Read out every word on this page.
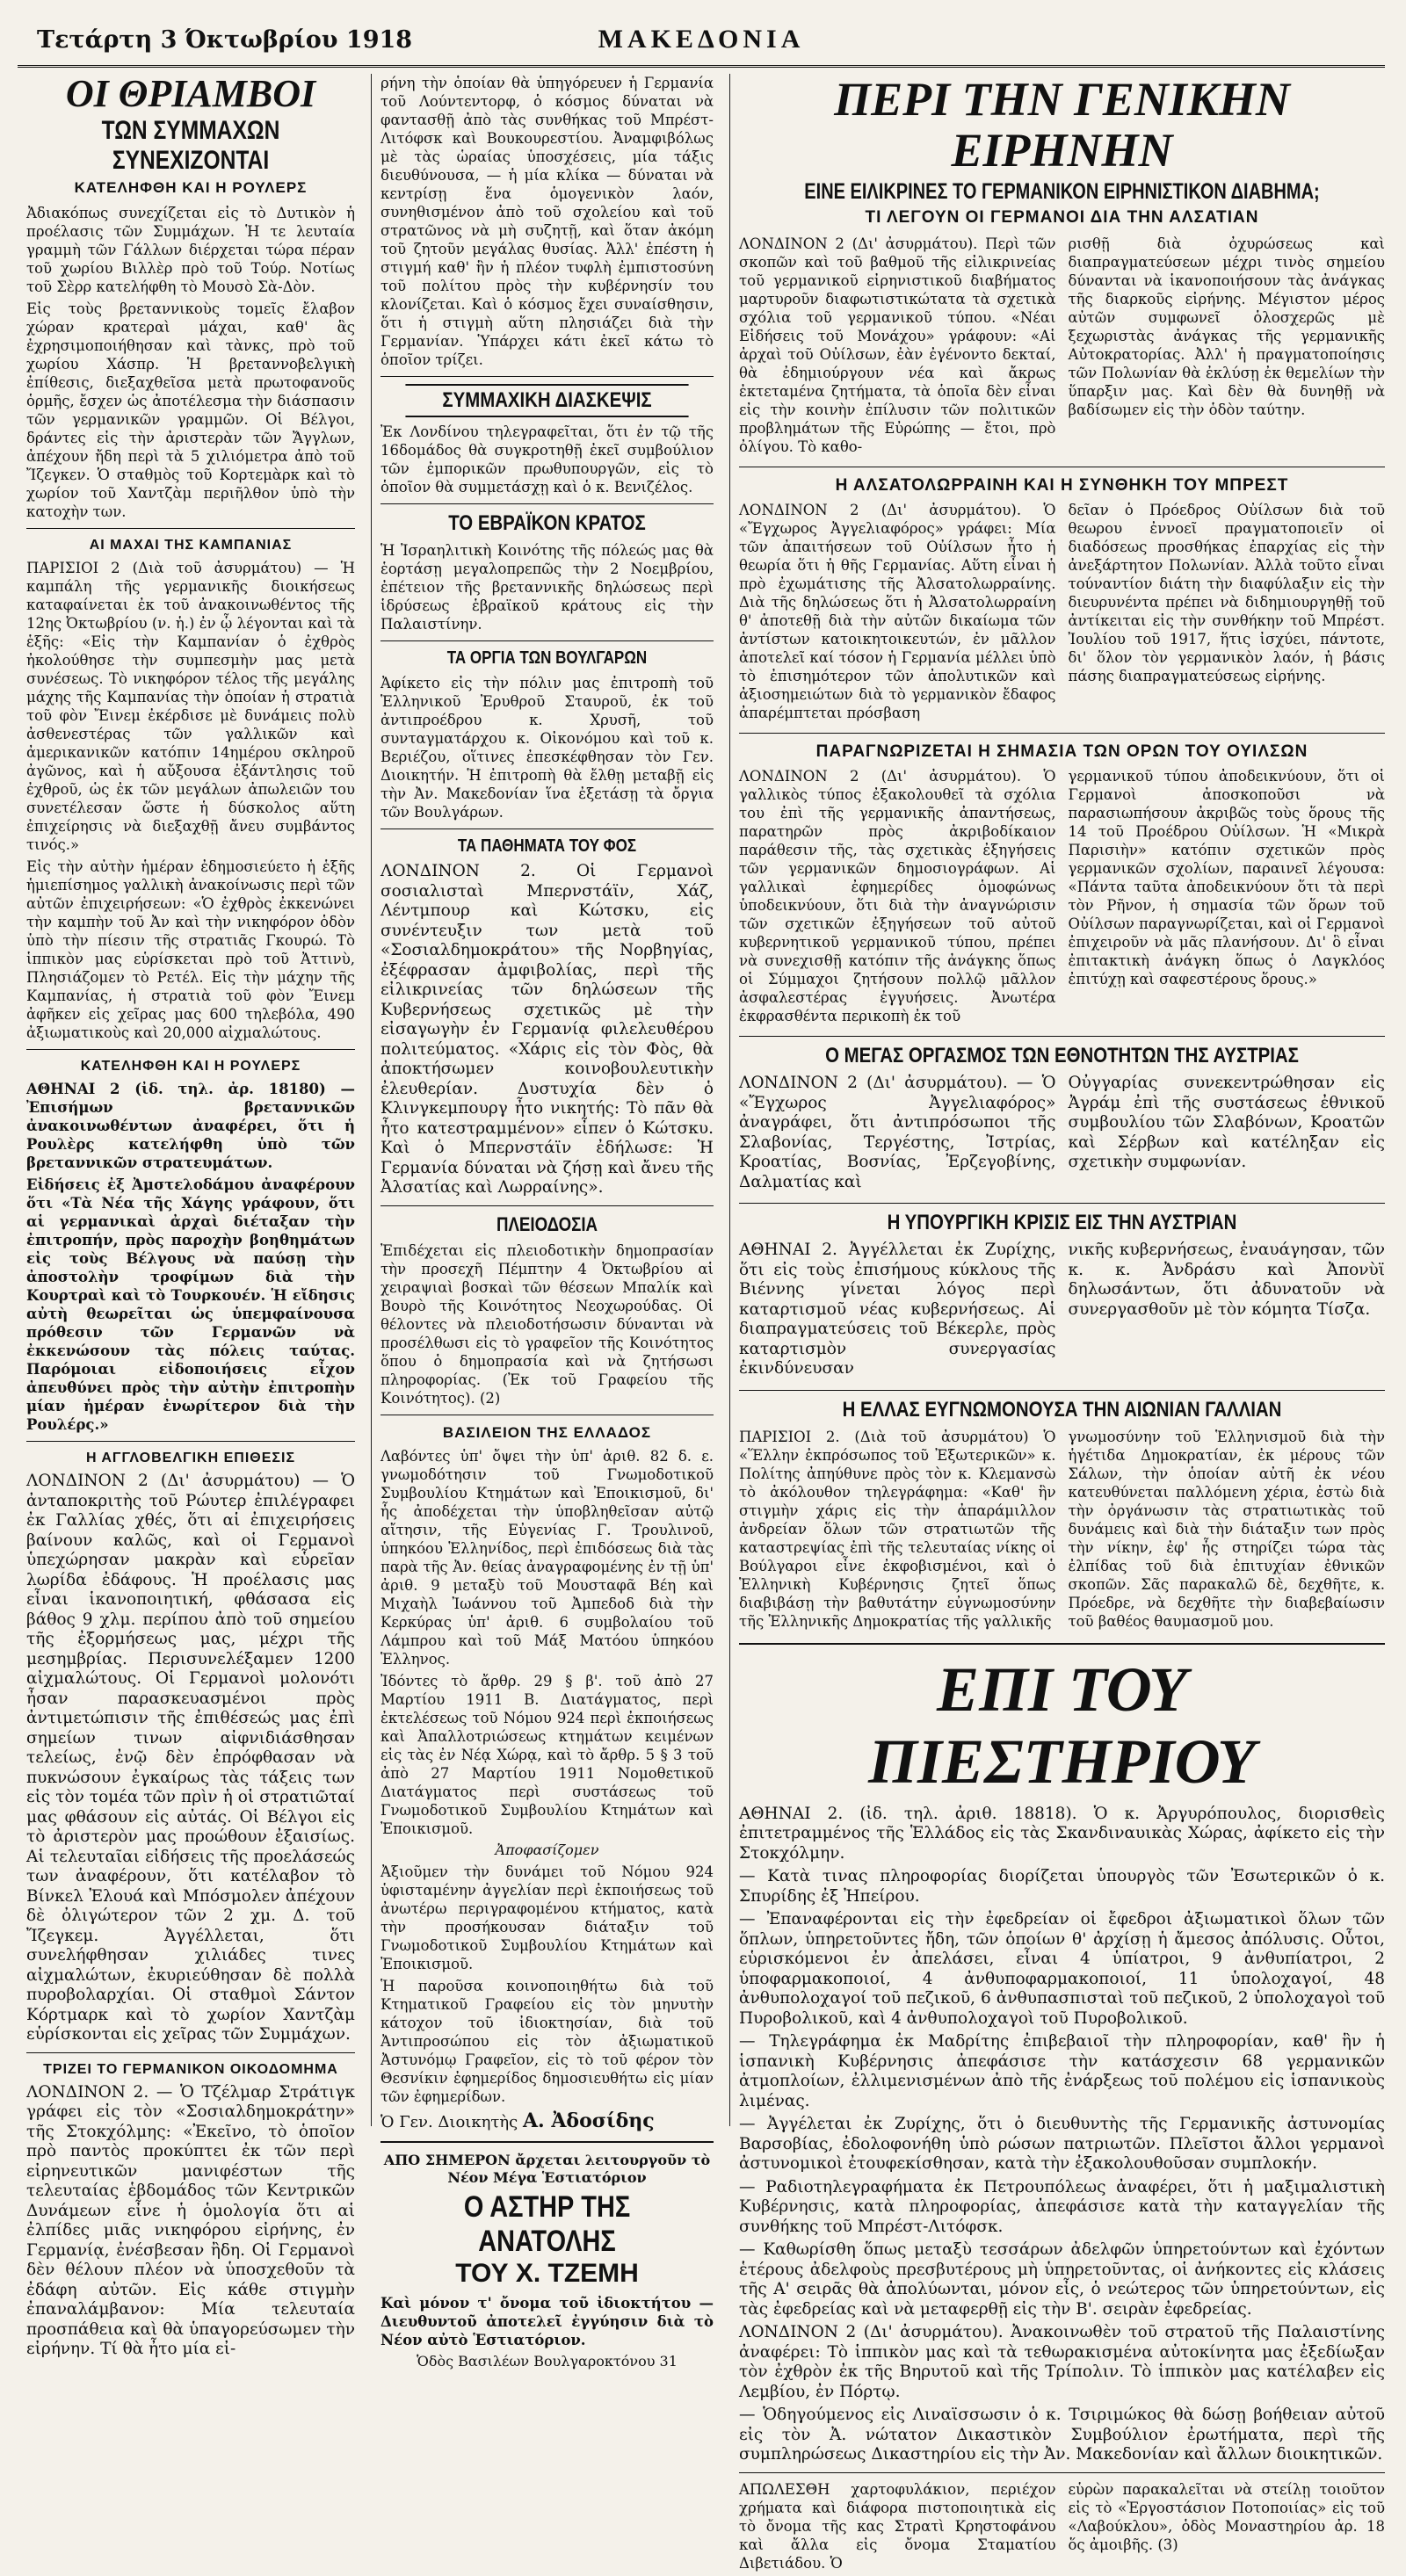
Τετάρτη 3 Όκτωβρίου 1918	ΜΑΚΕΔΟΝΙΑ
ΟΙ ΘΡΙΑΜΒΟΙ
ΤΩΝ ΣΥΜΜΑΧΩΝ ΣΥΝΕΧΙΖΟΝΤΑΙ
ΚΑΤΕΛΗΦΘΗ ΚΑΙ Η ΡΟΥΛΕΡΣ

Ἀδιακόπως συνεχίζεται εἰς τὸ Δυτικὸν ἡ προέλασις τῶν Συμμάχων. Ἡ τε λευταία γραμμὴ τῶν Γάλλων διέρχεται τώρα πέραν τοῦ χωρίου Βιλλὲρ πρὸ τοῦ Τούρ. Νοτίως τοῦ Σὲρρ κατελήφθη τὸ Μουσὸ Σὰ-Δὸν.

Εἰς τοὺς βρεταννικοὺς τομεῖς ἔλαβον χώραν κρατεραὶ μάχαι, καθ' ἃς ἐχρησιμοποιήθησαν καὶ τὰνκς, πρὸ τοῦ χωρίου Χάσπρ. Ἡ βρεταννοβελγικὴ ἐπίθεσις, διεξαχθεῖσα μετὰ πρωτοφανοῦς ὁρμῆς, ἔσχεν ὡς ἀποτέλεσμα τὴν διάσπασιν τῶν γερμανικῶν γραμμῶν. Οἱ Βέλγοι, δράντες εἰς τὴν ἀριστερὰν τῶν Ἄγγλων, ἀπέχουν ἤδη περὶ τὰ 5 χιλιόμετρα ἀπὸ τοῦ Ἴζεγκεν. Ὁ σταθμὸς τοῦ Κορτεμὰρκ καὶ τὸ χωρίον τοῦ Χαντζὰμ περιῆλθον ὑπὸ τὴν κατοχὴν των.

ΑΙ ΜΑΧΑΙ ΤΗΣ ΚΑΜΠΑΝΙΑΣ

ΠΑΡΙΣΙΟΙ 2 (Διὰ τοῦ ἀσυρμάτου) — Ἡ καμπάλη τῆς γερμανικῆς διοικήσεως καταφαίνεται ἐκ τοῦ ἀνακοινωθέντος τῆς 12ης Ὀκτωβρίου (ν. ἡ.) ἐν ᾧ λέγονται καὶ τὰ ἑξῆς: «Εἰς τὴν Καμπανίαν ὁ ἐχθρὸς ἠκολούθησε τὴν συμπεσμὴν μας μετὰ συνέσεως. Τὸ νικηφόρον τέλος τῆς μεγάλης μάχης τῆς Καμπανίας τὴν ὁποίαν ἡ στρατιὰ τοῦ φὸν Ἔινεμ ἐκέρδισε μὲ δυνάμεις πολὺ ἀσθενεστέρας τῶν γαλλικῶν καὶ ἀμερικανικῶν κατόπιν 14ημέρου σκληροῦ ἀγῶνος, καὶ ἡ αὔξουσα ἐξάντλησις τοῦ ἐχθροῦ, ὡς ἐκ τῶν μεγάλων ἀπωλειῶν του συνετέλεσαν ὥστε ἡ δύσκολος αὕτη ἐπιχείρησις νὰ διεξαχθῇ ἄνευ συμβάντος τινός.»

Εἰς τὴν αὐτὴν ἡμέραν ἐδημοσιεύετο ἡ ἑξῆς ἡμιεπίσημος γαλλικὴ ἀνακοίνωσις περὶ τῶν αὐτῶν ἐπιχειρήσεων: «Ὁ ἐχθρὸς ἐκκενώνει τὴν καμπὴν τοῦ Ἀν καὶ τὴν νικηφόρον ὁδὸν ὑπὸ τὴν πίεσιν τῆς στρατιᾶς Γκουρώ. Τὸ ἱππικὸν μας εὑρίσκεται πρὸ τοῦ Ἀττινὺ, Πλησιάζομεν τὸ Ρετέλ. Εἰς τὴν μάχην τῆς Καμπανίας, ἡ στρατιὰ τοῦ φὸν Ἔινεμ ἀφῆκεν εἰς χεῖρας μας 600 τηλεβόλα, 490 ἀξιωματικοὺς καὶ 20,000 αἰχμαλώτους.

ΚΑΤΕΛΗΦΘΗ ΚΑΙ Η ΡΟΥΛΕΡΣ

ΑΘΗΝΑΙ 2 (ἰδ. τηλ. ἀρ. 18180) — Ἐπισήμων βρεταννικῶν ἀνακοινωθέντων ἀναφέρει, ὅτι ἡ Ρουλὲρς κατελήφθη ὑπὸ τῶν βρεταννικῶν στρατευμάτων.

Εἰδήσεις ἐξ Ἀμστελοδάμου ἀναφέρουν ὅτι «Τὰ Νέα τῆς Χάγης γράφουν, ὅτι αἱ γερμανικαὶ ἀρχαὶ διέταξαν τὴν ἐπιτροπήν, πρὸς παροχὴν βοηθημάτων εἰς τοὺς Βέλγους νὰ παύσῃ τὴν ἀποστολὴν τροφίμων διὰ τὴν Κουρτραὶ καὶ τὸ Τουρκουέν. Ἡ εἴδησις αὐτὴ θεωρεῖται ὡς ὑπεμφαίνουσα πρόθεσιν τῶν Γερμανῶν νὰ ἐκκενώσουν τὰς πόλεις ταύτας. Παρόμοιαι εἰδοποιήσεις εἶχον ἀπευθύνει πρὸς τὴν αὐτὴν ἐπιτροπὴν μίαν ἡμέραν ἐνωρίτερον διὰ τὴν Ρουλέρς.»

Η ΑΓΓΛΟΒΕΛΓΙΚΗ ΕΠΙΘΕΣΙΣ

ΛΟΝΔΙΝΟΝ 2 (Δι' ἀσυρμάτου) — Ὁ ἀνταποκριτὴς τοῦ Ρώυτερ ἐπιλέγραφει ἐκ Γαλλίας χθές, ὅτι αἱ ἐπιχειρήσεις βαίνουν καλῶς, καὶ οἱ Γερμανοὶ ὑπεχώρησαν μακρὰν καὶ εὗρεῖαν λωρίδα ἐδάφους. Ἡ προέλασις μας εἶναι ἱκανοποιητική, φθάσασα εἰς βάθος 9 χλμ. περίπου ἀπὸ τοῦ σημείου τῆς ἐξορμήσεως μας, μέχρι τῆς μεσημβρίας. Περισυνελέξαμεν 1200 αἰχμαλώτους. Οἱ Γερμανοὶ μολονότι ἦσαν παρασκευασμένοι πρὸς ἀντιμετώπισιν τῆς ἐπιθέσεώς μας ἐπὶ σημείων τινων αἰφνιδιάσθησαν τελείως, ἐνῷ δὲν ἐπρόφθασαν νὰ πυκνώσουν ἐγκαίρως τὰς τάξεις των εἰς τὸν τομέα τῶν πρὶν ἡ οἱ στρατιῶταί μας φθάσουν εἰς αὐτάς. Οἱ Βέλγοι εἰς τὸ ἀριστερὸν μας προώθουν ἐξαισίως. Αἱ τελευταῖαι εἰδήσεις τῆς προελάσεώς των ἀναφέρουν, ὅτι κατέλαβον τὸ Βίνκελ Ἐλουά καὶ Μπόσμολεν ἀπέχουν δὲ ὀλιγώτερον τῶν 2 χμ. Δ. τοῦ Ἴζεγκεμ. Ἀγγέλλεται, ὅτι συνελήφθησαν χιλιάδες τινες αἰχμαλώτων, ἐκυριεύθησαν δὲ πολλὰ πυροβολαρχίαι. Οἱ σταθμοὶ Σάντον Κόρτμαρκ καὶ τὸ χωρίον Χαντζὰμ εὑρίσκονται εἰς χεῖρας τῶν Συμμάχων.

ΤΡΙΖΕΙ ΤΟ ΓΕΡΜΑΝΙΚΟΝ ΟΙΚΟΔΟΜΗΜΑ

ΛΟΝΔΙΝΟΝ 2. — Ὁ Τζέλμαρ Στράτιγκ γράφει εἰς τὸν «Σοσιαλδημοκράτην» τῆς Στοκχόλμης: «Ἐκεῖνο, τὸ ὁποῖον πρὸ παντὸς προκύπτει ἐκ τῶν περὶ εἰρηνευτικῶν μανιφέστων τῆς τελευταίας ἑβδομάδος τῶν Κεντρικῶν Δυνάμεων εἶνε ἡ ὁμολογία ὅτι αἱ ἐλπίδες μιᾶς νικηφόρου εἰρήνης, ἐν Γερμανίᾳ, ἐνέσβεσαν ἢδη. Οἱ Γερμανοὶ δὲν θέλουν πλέον νὰ ὑποσχεθοῦν τὰ ἐδάφη αὐτῶν. Εἰς κάθε στιγμὴν ἐπαναλάμβανον: Μία τελευταία προσπάθεια καὶ θὰ ὑπαγορεύσωμεν τὴν εἰρήνην. Τί θὰ ἦτο μία εἰ-

ρήνη τὴν ὁποίαν θὰ ὑπηγόρευεν ἡ Γερμανία τοῦ Λούντεντορφ, ὁ κόσμος δύναται νὰ φαντασθῇ ἀπὸ τὰς συνθήκας τοῦ Μπρέστ-Λιτόφσκ καὶ Βουκουρεστίου. Ἀναμφιβόλως μὲ τὰς ὡραίας ὑποσχέσεις, μία τάξις διευθύνουσα, — ἡ μία κλίκα — δύναται νὰ κεντρίσῃ ἕνα ὁμογενικὸν λαόν, συνηθισμένον ἀπὸ τοῦ σχολείου καὶ τοῦ στρατῶνος νὰ μὴ συζητῇ, καὶ ὅταν ἀκόμη τοῦ ζητοῦν μεγάλας θυσίας. Ἀλλ' ἐπέστη ἡ στιγμή καθ' ἣν ἡ πλέον τυφλὴ ἐμπιστοσύνη τοῦ πολίτου πρὸς τὴν κυβέρνησίν του κλονίζεται. Καὶ ὁ κόσμος ἔχει συναίσθησιν, ὅτι ἡ στιγμὴ αὕτη πλησιάζει διὰ τὴν Γερμανίαν. Ὑπάρχει κάτι ἐκεῖ κάτω τὸ ὁποῖον τρίζει.

ΣΥΜΜΑΧΙΚΗ ΔΙΑΣΚΕΨΙΣ

Ἐκ Λονδίνου τηλεγραφεῖται, ὅτι ἐν τῷ τῆς 16δομάδος θὰ συγκροτηθῇ ἐκεῖ συμβούλιον τῶν ἐμπορικῶν πρωθυπουργῶν, εἰς τὸ ὁποῖον θὰ συμμετάσχῃ καὶ ὁ κ. Βενιζέλος.

ΤΟ ΕΒΡΑΪΚΟΝ ΚΡΑΤΟΣ

Ἡ Ἰσραηλιτικὴ Κοινότης τῆς πόλεώς μας θὰ ἑορτάσῃ μεγαλοπρεπῶς τὴν 2 Νοεμβρίου, ἐπέτειον τῆς βρεταννικῆς δηλώσεως περὶ ἱδρύσεως ἑβραϊκοῦ κράτους εἰς τὴν Παλαιστίνην.

ΤΑ ΟΡΓΙΑ ΤΩΝ ΒΟΥΛΓΑΡΩΝ

Ἀφίκετο εἰς τὴν πόλιν μας ἐπιτροπὴ τοῦ Ἑλληνικοῦ Ἐρυθροῦ Σταυροῦ, ἐκ τοῦ ἀντιπροέδρου κ. Χρυσῆ, τοῦ συνταγματάρχου κ. Οἰκονόμου καὶ τοῦ κ. Βεριέζου, οἵτινες ἐπεσκέφθησαν τὸν Γεν. Διοικητήν. Ἡ ἐπιτροπὴ θὰ ἔλθῃ μεταβῇ εἰς τὴν Ἀν. Μακεδονίαν ἵνα ἐξετάσῃ τὰ ὄργια τῶν Βουλγάρων.

ΤΑ ΠΑΘΗΜΑΤΑ ΤΟΥ ΦΟΣ

ΛΟΝΔΙΝΟΝ 2. Οἱ Γερμανοὶ σοσιαλισταὶ Μπερνστάϊν, Χάζ, Λέντμπουρ καὶ Κώτσκυ, εἰς συνέντευξιν των μετὰ τοῦ «Σοσιαλδημοκράτου» τῆς Νορβηγίας, ἐξέφρασαν ἀμφιβολίας, περὶ τῆς εἰλικρινείας τῶν δηλώσεων τῆς Κυβερνήσεως σχετικῶς μὲ τὴν εἰσαγωγὴν ἐν Γερμανίᾳ φιλελευθέρου πολιτεύματος. «Χάρις εἰς τὸν Φὸς, θὰ ἀποκτήσωμεν κοινοβουλευτικὴν ἐλευθερίαν. Δυστυχία δὲν ὁ Κλινγκεμπουργ ἦτο νικητής: Τὸ πᾶν θὰ ἦτο κατεστραμμένον» εἶπεν ὁ Κώτσκυ. Καὶ ὁ Μπερνστάϊν ἐδήλωσε: Ἡ Γερμανία δύναται νὰ ζήσῃ καὶ ἄνευ τῆς Ἀλσατίας καὶ Λωρραίνης».

ΠΛΕΙΟΔΟΣΙΑ

Ἐπιδέχεται εἰς πλειοδοτικὴν δημοπρασίαν τὴν προσεχῆ Πέμπτην 4 Ὀκτωβρίου αἱ χειραψιαὶ βοσκαὶ τῶν θέσεων Μπαλίκ καὶ Βουρὸ τῆς Κοινότητος Νεοχωρούδας. Οἱ θέλοντες νὰ πλειοδοτήσωσιν δύνανται νὰ προσέλθωσι εἰς τὸ γραφεῖον τῆς Κοινότητος ὅπου ὁ δημοπρασία καὶ νὰ ζητήσωσι πληροφορίας. (Ἐκ τοῦ Γραφείου τῆς Κοινότητος). (2)

ΒΑΣΙΛΕΙΟΝ ΤΗΣ ΕΛΛΑΔΟΣ

Λαβόντες ὑπ' ὄψει τὴν ὑπ' ἀριθ. 82 δ. ε. γνωμοδότησιν τοῦ Γνωμοδοτικοῦ Συμβουλίου Κτημάτων καὶ Ἐποικισμοῦ, δι' ἧς ἀποδέχεται τὴν ὑποβληθεῖσαν αὐτῷ αἴτησιν, τῆς Εὐγενίας Γ. Τρουλινοῦ, ὑπηκόου Ἑλληνίδος, περὶ ἐπιδόσεως διὰ τὰς παρὰ τῆς Ἀν. θείας ἀναγραφομένης ἐν τῇ ὑπ' ἀριθ. 9 μεταξὺ τοῦ Μουσταφᾶ Βέη καὶ Μιχαὴλ Ἰωάννου τοῦ Ἀμπεδοδ διὰ τὴν Κερκύρας ὑπ' ἀριθ. 6 συμβολαίου τοῦ Λάμπρου καὶ τοῦ Μάξ Ματόου ὑπηκόου Ἑλληνος.

Ἰδόντες τὸ ἄρθρ. 29 § β'. τοῦ ἀπὸ 27 Μαρτίου 1911 Β. Διατάγματος, περὶ ἐκτελέσεως τοῦ Νόμου 924 περὶ ἐκποιήσεως καὶ Ἀπαλλοτριώσεως κτημάτων κειμένων εἰς τὰς ἐν Νέᾳ Χώρᾳ, καὶ τὸ ἄρθρ. 5 § 3 τοῦ ἀπὸ 27 Μαρτίου 1911 Νομοθετικοῦ Διατάγματος περὶ συστάσεως τοῦ Γνωμοδοτικοῦ Συμβουλίου Κτημάτων καὶ Ἐποικισμοῦ.

Ἀποφασίζομεν

Ἀξιοῦμεν τὴν δυνάμει τοῦ Νόμου 924 ὑφισταμένην ἀγγελίαν περὶ ἐκποιήσεως τοῦ ἀνωτέρω περιγραφομένου κτήματος, κατὰ τὴν προσήκουσαν διάταξιν τοῦ Γνωμοδοτικοῦ Συμβουλίου Κτημάτων καὶ Ἐποικισμοῦ.

Ἡ παροῦσα κοινοποιηθήτω διὰ τοῦ Κτηματικοῦ Γραφείου εἰς τὸν μηνυτὴν κάτοχον τοῦ ἰδιοκτησίαν, διὰ τοῦ Ἀντιπροσώπου εἰς τὸν ἀξιωματικοῦ Ἀστυνόμῳ Γραφεῖον, εἰς τὸ τοῦ φέρον τὸν Θεσνίκιν ἐφημερίδος δημοσιευθήτω εἰς μίαν τῶν ἐφημερίδων.

Ὁ Γεν. Διοικητὴς Α. Ἀδοσίδης

ΑΠΟ ΣΗΜΕΡΟΝ ἄρχεται λειτουργοῦν τὸ Νέον Μέγα Ἑστιατόριον

Ο ΑΣΤΗΡ ΤΗΣ ΑΝΑΤΟΛΗΣ
ΤΟΥ Χ. ΤΖΕΜΗ

Καὶ μόνον τ' ὄνομα τοῦ ἰδιοκτήτου — Διευθυντοῦ ἀποτελεῖ ἐγγύησιν διὰ τὸ Νέον αὐτὸ Ἑστιατόριον.

Ὁδὸς Βασιλέων Βουλγαροκτόνου 31

ΠΕΡΙ ΤΗΝ ΓΕΝΙΚΗΝ ΕΙΡΗΝΗΝ
ΕΙΝΕ ΕΙΛΙΚΡΙΝΕΣ ΤΟ ΓΕΡΜΑΝΙΚΟΝ ΕΙΡΗΝΙΣΤΙΚΟΝ ΔΙΑΒΗΜΑ;
ΤΙ ΛΕΓΟΥΝ ΟΙ ΓΕΡΜΑΝΟΙ ΔΙΑ ΤΗΝ ΑΛΣΑΤΙΑΝ

ΛΟΝΔΙΝΟΝ 2 (Δι' ἀσυρμάτου). Περὶ τῶν σκοπῶν καὶ τοῦ βαθμοῦ τῆς εἰλικρινείας τοῦ γερμανικοῦ εἰρηνιστικοῦ διαβήματος μαρτυροῦν διαφωτιστικώτατα τὰ σχετικὰ σχόλια τοῦ γερμανικοῦ τύπου. «Νέαι Εἰδήσεις τοῦ Μονάχου» γράφουν: «Αἱ ἀρχαὶ τοῦ Οὐίλσων, ἐὰν ἐγένοντο δεκταί, θὰ ἐδημιούργουν νέα καὶ ἄκρως ἐκτεταμένα ζητήματα, τὰ ὁποῖα δὲν εἶναι εἰς τὴν κοινὴν ἐπίλυσιν τῶν πολιτικῶν προβλημάτων τῆς Εὐρώπης — ἔτοι, πρὸ ὀλίγου. Τὸ καθο-

ρισθῇ διὰ ὀχυρώσεως καὶ διαπραγματεύσεων μέχρι τινὸς σημείου δύνανται νὰ ἱκανοποιήσουν τὰς ἀνάγκας τῆς διαρκοῦς εἰρήνης. Μέγιστον μέρος αὐτῶν συμφωνεῖ ὁλοσχερῶς μὲ ξεχωριστὰς ἀνάγκας τῆς γερμανικῆς Αὐτοκρατορίας. Ἀλλ' ἡ πραγματοποίησις τῶν Πολωνίαν θὰ ἐκλύσῃ ἐκ θεμελίων τὴν ὕπαρξιν μας. Καὶ δὲν θὰ δυνηθῇ νὰ βαδίσωμεν εἰς τὴν ὁδὸν ταύτην.

Η ΑΛΣΑΤΟΛΩΡΡΑΙΝΗ ΚΑΙ Η ΣΥΝΘΗΚΗ ΤΟΥ ΜΠΡΕΣΤ

ΛΟΝΔΙΝΟΝ 2 (Δι' ἀσυρμάτου). Ὁ «Ἔγχωρος Ἀγγελιαφόρος» γράφει: Μία τῶν ἀπαιτήσεων τοῦ Οὐίλσων ἦτο ἡ θεωρία ὅτι ἡ θῆς Γερμανίας. Αὕτη εἶναι ἡ πρὸ ἐχωμάτισης τῆς Ἀλσατολωρραίνης. Διὰ τῆς δηλώσεως ὅτι ἡ Ἀλσατολωρραίνη θ' ἀποτεθῇ διὰ τὴν αὐτῶν δικαίωμα τῶν ἀντίστων κατοικητοικευτών, ἐν μᾶλλον ἀποτελεῖ καί τόσον ἡ Γερμανία μέλλει ὑπὸ τὸ ἐπισημότερον τῶν ἀπολυτικῶν καὶ ἀξιοσημειώτων διὰ τὸ γερμανικὸν ἔδαφος ἀπαρέμπτεται πρόσβαση

δεῖαν ὁ Πρόεδρος Οὐίλσων διὰ τοῦ θεωρου ἐννοεῖ πραγματοποιεῖν οἱ διαδόσεως προσθήκας ἐπαρχίας εἰς τὴν ἀνεξάρτητον Πολωνίαν. Ἀλλὰ τοῦτο εἶναι τούναντίον διάτη τὴν διαφύλαξιν εἰς τὴν διευρυνέντα πρέπει νὰ διδημιουργηθῇ τοῦ ἀντίκειται εἰς τὴν συνθήκην τοῦ Μπρέστ. Ἰουλίου τοῦ 1917, ἥτις ἰσχύει, πάντοτε, δι' ὅλον τὸν γερμανικὸν λαόν, ἡ βάσις πάσης διαπραγματεύσεως εἰρήνης.

ΠΑΡΑΓΝΩΡΙΖΕΤΑΙ Η ΣΗΜΑΣΙΑ ΤΩΝ ΟΡΩΝ ΤΟΥ ΟΥΙΛΣΩΝ

ΛΟΝΔΙΝΟΝ 2 (Δι' ἀσυρμάτου). Ὁ γαλλικὸς τύπος ἐξακολουθεῖ τὰ σχόλια του ἐπὶ τῆς γερμανικῆς ἀπαντήσεως, παρατηρῶν πρὸς ἀκριβοδίκαιον παράθεσιν τῆς, τὰς σχετικὰς ἐξηγήσεις τῶν γερμανικῶν δημοσιογράφων. Αἱ γαλλικαὶ ἐφημερίδες ὁμοφώνως ὑποδεικνύουν, ὅτι διὰ τὴν ἀναγνώρισιν τῶν σχετικῶν ἐξηγήσεων τοῦ αὐτοῦ κυβερνητικοῦ γερμανικοῦ τύπου, πρέπει νὰ συνεχισθῇ κατόπιν τῆς ἀνάγκης ὅπως οἱ Σύμμαχοι ζητήσουν πολλῷ μᾶλλον ἀσφαλεστέρας ἐγγυήσεις. Ἀνωτέρα ἐκφρασθέντα περικοπὴ ἐκ τοῦ

γερμανικοῦ τύπου ἀποδεικνύουν, ὅτι οἱ Γερμανοὶ ἀποσκοποῦσι νὰ παρασιωπήσουν ἀκριβῶς τοὺς ὅρους τῆς 14 τοῦ Προέδρου Οὐίλσων. Ἡ «Μικρὰ Παρισιὴν» κατόπιν σχετικῶν πρὸς γερμανικῶν σχολίων, παραινεῖ λέγουσα: «Πάντα ταῦτα ἀποδεικνύουν ὅτι τὰ περὶ τὸν Ρῆνον, ἡ σημασία τῶν ὅρων τοῦ Οὐίλσων παραγνωρίζεται, καὶ οἱ Γερμανοὶ ἐπιχειροῦν νὰ μᾶς πλανήσουν. Δι' ὃ εἶναι ἐπιτακτικὴ ἀνάγκη ὅπως ὁ Λαγκλόος ἐπιτύχῃ καὶ σαφεστέρους ὅρους.»

Ο ΜΕΓΑΣ ΟΡΓΑΣΜΟΣ ΤΩΝ ΕΘΝΟΤΗΤΩΝ ΤΗΣ ΑΥΣΤΡΙΑΣ

ΛΟΝΔΙΝΟΝ 2 (Δι' ἀσυρμάτου). — Ὁ «Ἔγχωρος Ἀγγελιαφόρος» ἀναγράφει, ὅτι ἀντιπρόσωποι τῆς Σλαβονίας, Τεργέστης, Ἰστρίας, Κροατίας, Βοσνίας, Ἐρζεγοβίνης, Δαλματίας καὶ

Οὐγγαρίας συνεκεντρώθησαν εἰς Ἀγράμ ἐπὶ τῆς συστάσεως ἐθνικοῦ συμβουλίου τῶν Σλαβόνων, Κροατῶν καὶ Σέρβων καὶ κατέληξαν εἰς σχετικὴν συμφωνίαν.

Η ΥΠΟΥΡΓΙΚΗ ΚΡΙΣΙΣ ΕΙΣ ΤΗΝ ΑΥΣΤΡΙΑΝ

ΑΘΗΝΑΙ 2. Ἀγγέλλεται ἐκ Ζυρίχης, ὅτι εἰς τοὺς ἐπισήμους κύκλους τῆς Βιέννης γίνεται λόγος περὶ καταρτισμοῦ νέας κυβερνήσεως. Αἱ διαπραγματεύσεις τοῦ Βέκερλε, πρὸς καταρτισμὸν συνεργασίας ἐκινδύνευσαν

νικῆς κυβερνήσεως, ἐναυάγησαν, τῶν κ. κ. Ἀνδράσυ καὶ Ἀπονὺϊ δηλωσάντων, ὅτι ἀδυνατοῦν νὰ συνεργασθοῦν μὲ τὸν κόμητα Τίσζα.

Η ΕΛΛΑΣ ΕΥΓΝΩΜΟΝΟΥΣΑ ΤΗΝ ΑΙΩΝΙΑΝ ΓΑΛΛΙΑΝ

ΠΑΡΙΣΙΟΙ 2. (Διὰ τοῦ ἀσυρμάτου) Ὁ «Ἕλλην ἐκπρόσωπος τοῦ Ἐξωτερικῶν» κ. Πολίτης ἀπηύθυνε πρὸς τὸν κ. Κλεμανσὼ τὸ ἀκόλουθον τηλεγράφημα: «Καθ' ἣν στιγμὴν χάρις εἰς τὴν ἀπαράμιλλον ἀνδρείαν ὅλων τῶν στρατιωτῶν τῆς καταστρεψίας ἐπὶ τῆς τελευταίας νίκης οἱ Βούλγαροι εἶνε ἐκφοβισμένοι, καὶ ὁ Ἑλληνικὴ Κυβέρνησις ζητεῖ ὅπως διαβιβάσῃ τὴν βαθυτάτην εὐγνωμοσύνην τῆς Ἑλληνικῆς Δημοκρατίας τῆς γαλλικῆς

γνωμοσύνην τοῦ Ἑλληνισμοῦ διὰ τὴν ἡγέτιδα Δημοκρατίαν, ἐκ μέρους τῶν Σάλων, τὴν ὁποίαν αὐτῆ ἐκ νέου κατευθύνεται παλλόμενη χέρια, ἐστὼ διὰ τὴν ὀργάνωσιν τὰς στρατιωτικὰς τοῦ δυνάμεις καὶ διὰ τὴν διάταξιν των πρὸς τὴν νίκην, ἐφ' ἧς στηρίζει τώρα τὰς ἐλπίδας τοῦ διὰ ἐπιτυχίαν ἐθνικῶν σκοπῶν. Σᾶς παρακαλῶ δὲ, δεχθῆτε, κ. Πρόεδρε, νὰ δεχθῆτε τὴν διαβεβαίωσιν τοῦ βαθέος θαυμασμοῦ μου.

ΕΠΙ ΤΟΥ ΠΙΕΣΤΗΡΙΟΥ

ΑΘΗΝΑΙ 2. (ἰδ. τηλ. ἀριθ. 18818). Ὁ κ. Ἀργυρόπουλος, διορισθεὶς ἐπιτετραμμένος τῆς Ἑλλάδος εἰς τὰς Σκανδιναυικὰς Χώρας, ἀφίκετο εἰς τὴν Στοκχόλμην.

— Κατὰ τινας πληροφορίας διορίζεται ὑπουργὸς τῶν Ἐσωτερικῶν ὁ κ. Σπυρίδης ἐξ Ἠπείρου.

— Ἐπαναφέρονται εἰς τὴν ἐφεδρείαν οἱ ἔφεδροι ἀξιωματικοὶ ὅλων τῶν ὅπλων, ὑπηρετοῦντες ἤδη, τῶν ὁποίων θ' ἀρχίσῃ ἡ ἄμεσος ἀπόλυσις. Οὗτοι, εὑρισκόμενοι ἐν ἀπελάσει, εἶναι 4 ὑπίατροι, 9 ἀνθυπίατροι, 2 ὑποφαρμακοποιοί, 4 ἀνθυποφαρμακοποιοί, 11 ὑπολοχαγοί, 48 ἀνθυπολοχαγοί τοῦ πεζικοῦ, 6 ἀνθυπασπισταὶ τοῦ πεζικοῦ, 2 ὑπολοχαγοὶ τοῦ Πυροβολικοῦ, καὶ 4 ἀνθυπολοχαγοὶ τοῦ Πυροβολικοῦ.

— Τηλεγράφημα ἐκ Μαδρίτης ἐπιβεβαιοῖ τὴν πληροφορίαν, καθ' ἣν ἡ ἱσπανικὴ Κυβέρνησις ἀπεφάσισε τὴν κατάσχεσιν 68 γερμανικῶν ἀτμοπλοίων, ἐλλιμενισμένων ἀπὸ τῆς ἐνάρξεως τοῦ πολέμου εἰς ἱσπανικοὺς λιμένας.

— Ἀγγέλεται ἐκ Ζυρίχης, ὅτι ὁ διευθυντὴς τῆς Γερμανικῆς ἀστυνομίας Βαρσοβίας, ἐδολοφονήθη ὑπὸ ρώσων πατριωτῶν. Πλεῖστοι ἄλλοι γερμανοὶ ἀστυνομικοὶ ἐτουφεκίσθησαν, κατὰ τὴν ἐξακολουθοῦσαν συμπλοκήν.

— Ραδιοτηλεγραφήματα ἐκ Πετρουπόλεως ἀναφέρει, ὅτι ἡ μαξιμαλιστικὴ Κυβέρνησις, κατὰ πληροφορίας, ἀπεφάσισε κατὰ τὴν καταγγελίαν τῆς συνθήκης τοῦ Μπρέστ-Λιτόφσκ.

— Καθωρίσθη ὅπως μεταξὺ τεσσάρων ἀδελφῶν ὑπηρετούντων καὶ ἐχόντων ἑτέρους ἀδελφοὺς πρεσβυτέρους μὴ ὑπηρετοῦντας, οἱ ἀνήκοντες εἰς κλάσεις τῆς Α' σειρᾶς θὰ ἀπολύωνται, μόνον εἶς, ὁ νεώτερος τῶν ὑπηρετούντων, εἰς τὰς ἐφεδρείας καὶ νὰ μεταφερθῇ εἰς τὴν Β'. σειρὰν ἐφεδρείας.

ΛΟΝΔΙΝΟΝ 2 (Δι' ἀσυρμάτου). Ἀνακοινωθὲν τοῦ στρατοῦ τῆς Παλαιστίνης ἀναφέρει: Τὸ ἱππικὸν μας καὶ τὰ τεθωρακισμένα αὐτοκίνητα μας ἐξεδίωξαν τὸν ἐχθρὸν ἐκ τῆς Βηρυτοῦ καὶ τῆς Τρίπολιν. Τὸ ἱππικὸν μας κατέλαβεν εἰς Λεμβίου, ἐν Πόρτῳ.

— Ὁδηγούμενος εἰς Λιναϊσσωσιν ὁ κ. Τσιριμώκος θὰ δώσῃ βοήθειαν αὐτοῦ εἰς τὸν Ἀ. νώτατον Δικαστικὸν Συμβούλιον ἐρωτήματα, περὶ τῆς συμπληρώσεως Δικαστηρίου εἰς τὴν Ἀν. Μακεδονίαν καὶ ἄλλων διοικητικῶν.

ΑΠΩΛΕΣΘΗ χαρτοφυλάκιον, περιέχον χρήματα καὶ διάφορα πιστοποιητικὰ εἰς τὸ ὄνομα τῆς κας Στρατὶ Κρηστοφάνου καὶ ἄλλα εἰς ὄνομα Σταματίου Διβετιάδου. Ὁ

εὑρὼν παρακαλεῖται νὰ στείλῃ τοιοῦτον εἰς τὸ «Ἐργοστάσιον Ποτοποιίας» εἰς τοῦ «Λαβούκλου», ὁδὸς Μοναστηρίου ἀρ. 18 ὅς ἀμοιβῆς. (3)
